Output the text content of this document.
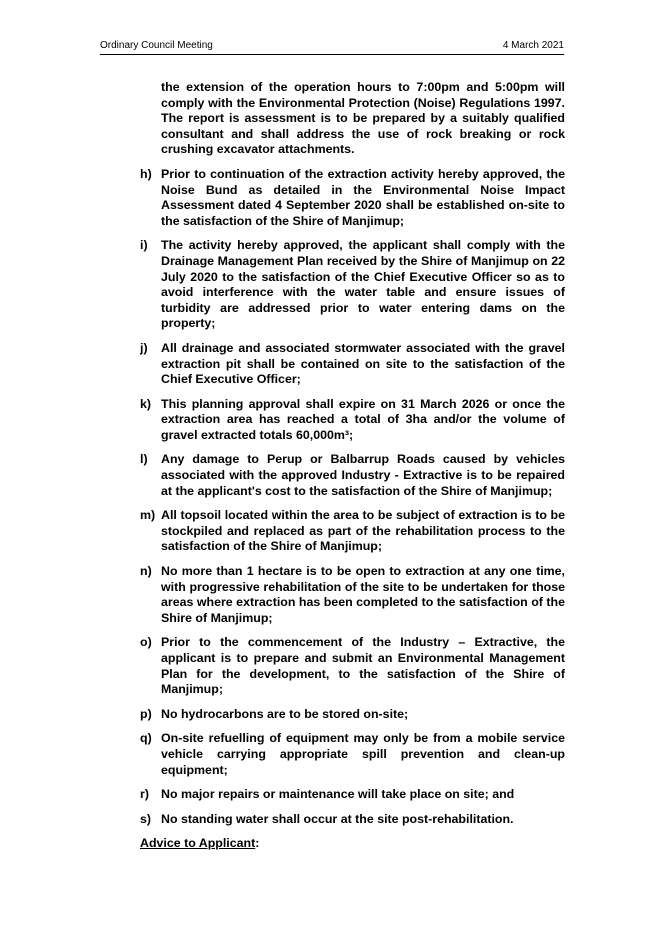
Ordinary Council Meeting	4 March 2021

the extension of the operation hours to 7:00pm and 5:00pm will comply with the Environmental Protection (Noise) Regulations 1997. The report is assessment is to be prepared by a suitably qualified consultant and shall address the use of rock breaking or rock crushing excavator attachments.

h) Prior to continuation of the extraction activity hereby approved, the Noise Bund as detailed in the Environmental Noise Impact Assessment dated 4 September 2020 shall be established on-site to the satisfaction of the Shire of Manjimup;
i)	The activity hereby approved, the applicant shall comply with the Drainage Management Plan received by the Shire of Manjimup on 22 July 2020 to the satisfaction of the Chief Executive Officer so as to avoid interference with the water table and ensure issues of turbidity are addressed prior to water entering dams on the property;
j)	All drainage and associated stormwater associated with the gravel extraction pit shall be contained on site to the satisfaction of the Chief Executive Officer;
k) This planning approval shall expire on 31 March 2026 or once the extraction area has reached a total of 3ha and/or the volume of gravel extracted totals 60,000m³;
l)	Any damage to Perup or Balbarrup Roads caused by vehicles associated with the approved Industry - Extractive is to be repaired at the applicant's cost to the satisfaction of the Shire of Manjimup;
m) All topsoil located within the area to be subject of extraction is to be stockpiled and replaced as part of the rehabilitation process to the satisfaction of the Shire of Manjimup;
n) No more than 1 hectare is to be open to extraction at any one time, with progressive rehabilitation of the site to be undertaken for those areas where extraction has been completed to the satisfaction of the Shire of Manjimup;
o) Prior to the commencement of the Industry – Extractive, the applicant is to prepare and submit an Environmental Management Plan for the development, to the satisfaction of the Shire of Manjimup;
p) No hydrocarbons are to be stored on-site;
q) On-site refuelling of equipment may only be from a mobile service vehicle carrying appropriate spill prevention and clean-up equipment;
r) No major repairs or maintenance will take place on site; and
s) No standing water shall occur at the site post-rehabilitation.
Advice to Applicant:
